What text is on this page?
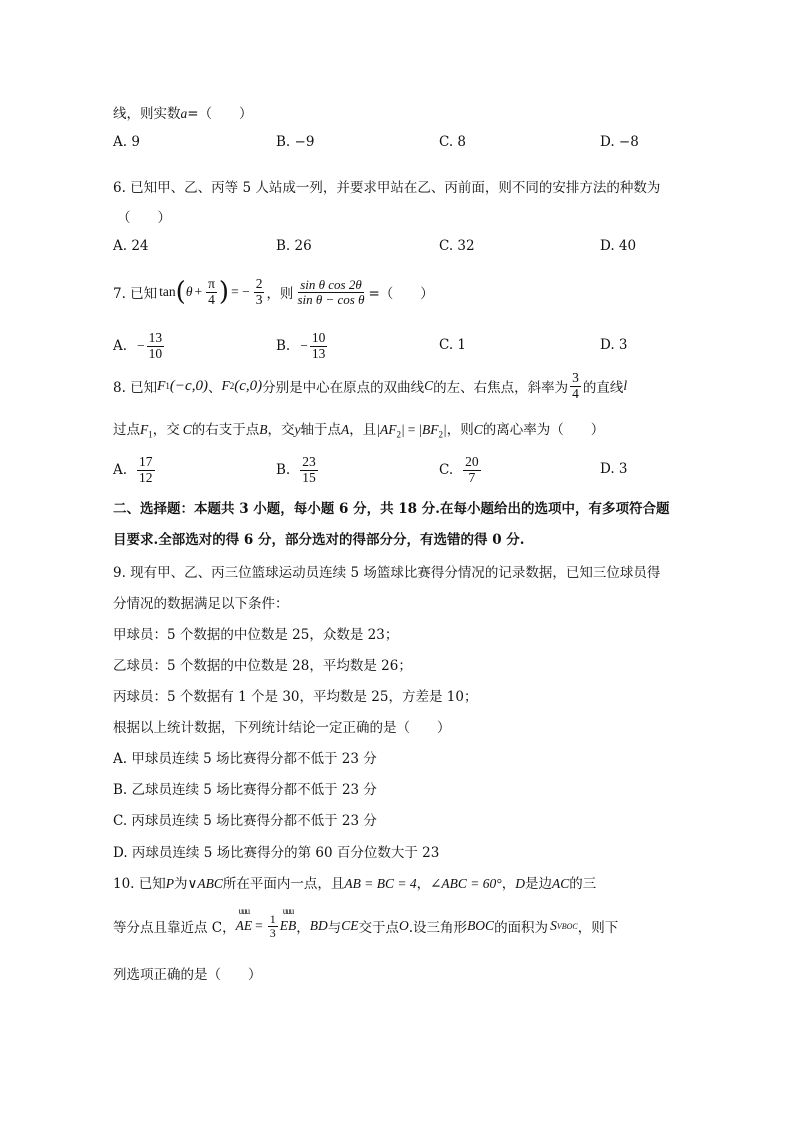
线，则实数a=（　　）
A. 9	B. −9	C. 8	D. −8
6. 已知甲、乙、丙等 5 人站成一列，并要求甲站在乙、丙前面，则不同的安排方法的种数为
（　　）
A. 24	B. 26	C. 32	D. 40
7. 已知 tan ( $\theta + \frac{\pi}{4}$ ) = − $\frac{2}{3}$ ，则 $\frac{\text{sin θ cos 2θ}}{\text{sin θ − cos θ}}$ =（　　）
A. − $\frac{13}{10}$	B. − $\frac{10}{13}$	C. 1	D. 3
8. 已知 F 1 (−c,0) 、 F 2 (c,0) 分别是中心在原点的双曲线 C 的左、右焦点，斜率为 $\frac{3}{4}$ 的直线 l
过点$F_1$，交 C的右支于点B，交y轴于点A，且$|AF_2| = |BF_2|$，则C的离心率为（　　）
A. $\frac{17}{12}$	B. $\frac{23}{15}$	C. $\frac{20}{7}$	D. 3
二、选择题：本题共 3 小题，每小题 6 分，共 18 分.在每小题给出的选项中，有多项符合题
目要求.全部选对的得 6 分，部分选对的得部分分，有选错的得 0 分.
9. 现有甲、乙、丙三位篮球运动员连续 5 场篮球比赛得分情况的记录数据，已知三位球员得
分情况的数据满足以下条件：
甲球员：5 个数据的中位数是 25，众数是 23；
乙球员：5 个数据的中位数是 28，平均数是 26；
丙球员：5 个数据有 1 个是 30，平均数是 25，方差是 10；
根据以上统计数据，下列统计结论一定正确的是（　　）
A. 甲球员连续 5 场比赛得分都不低于 23 分
B. 乙球员连续 5 场比赛得分都不低于 23 分
C. 丙球员连续 5 场比赛得分都不低于 23 分
D. 丙球员连续 5 场比赛得分的第 60 百分位数大于 23
10. 已知P为∨ABC所在平面内一点，且AB = BC = 4，∠ABC = 60°，D是边AC的三
等分点且靠近点 C，
uuu
AE = $\frac{1}{3}$
uuu
EB ， BD 与 CE 交于点 O .设三角形 BOC 的面积为 S VBOC ，则下
列选项正确的是（　　）
